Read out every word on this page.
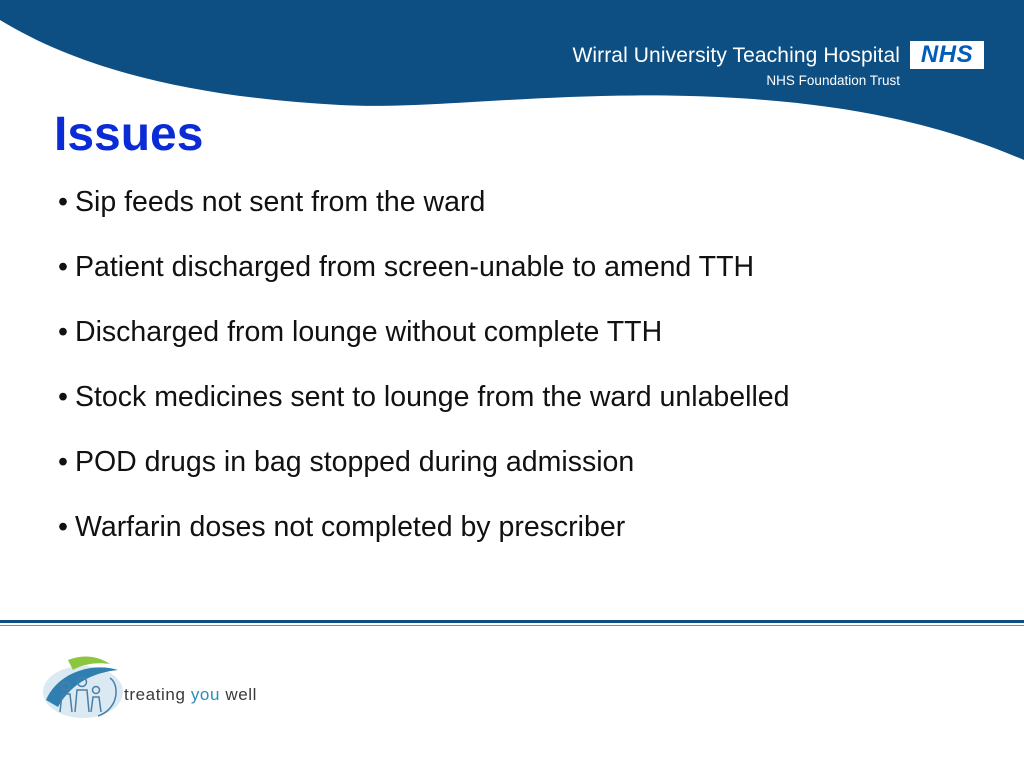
Wirral University Teaching Hospital
NHS Foundation Trust
NHS
Issues
• Sip feeds not sent from the ward
• Patient discharged from screen-unable to amend TTH
• Discharged from lounge without complete TTH
• Stock medicines sent to lounge from the ward unlabelled
• POD drugs in bag stopped during admission
• Warfarin doses not completed by prescriber
treating you well
